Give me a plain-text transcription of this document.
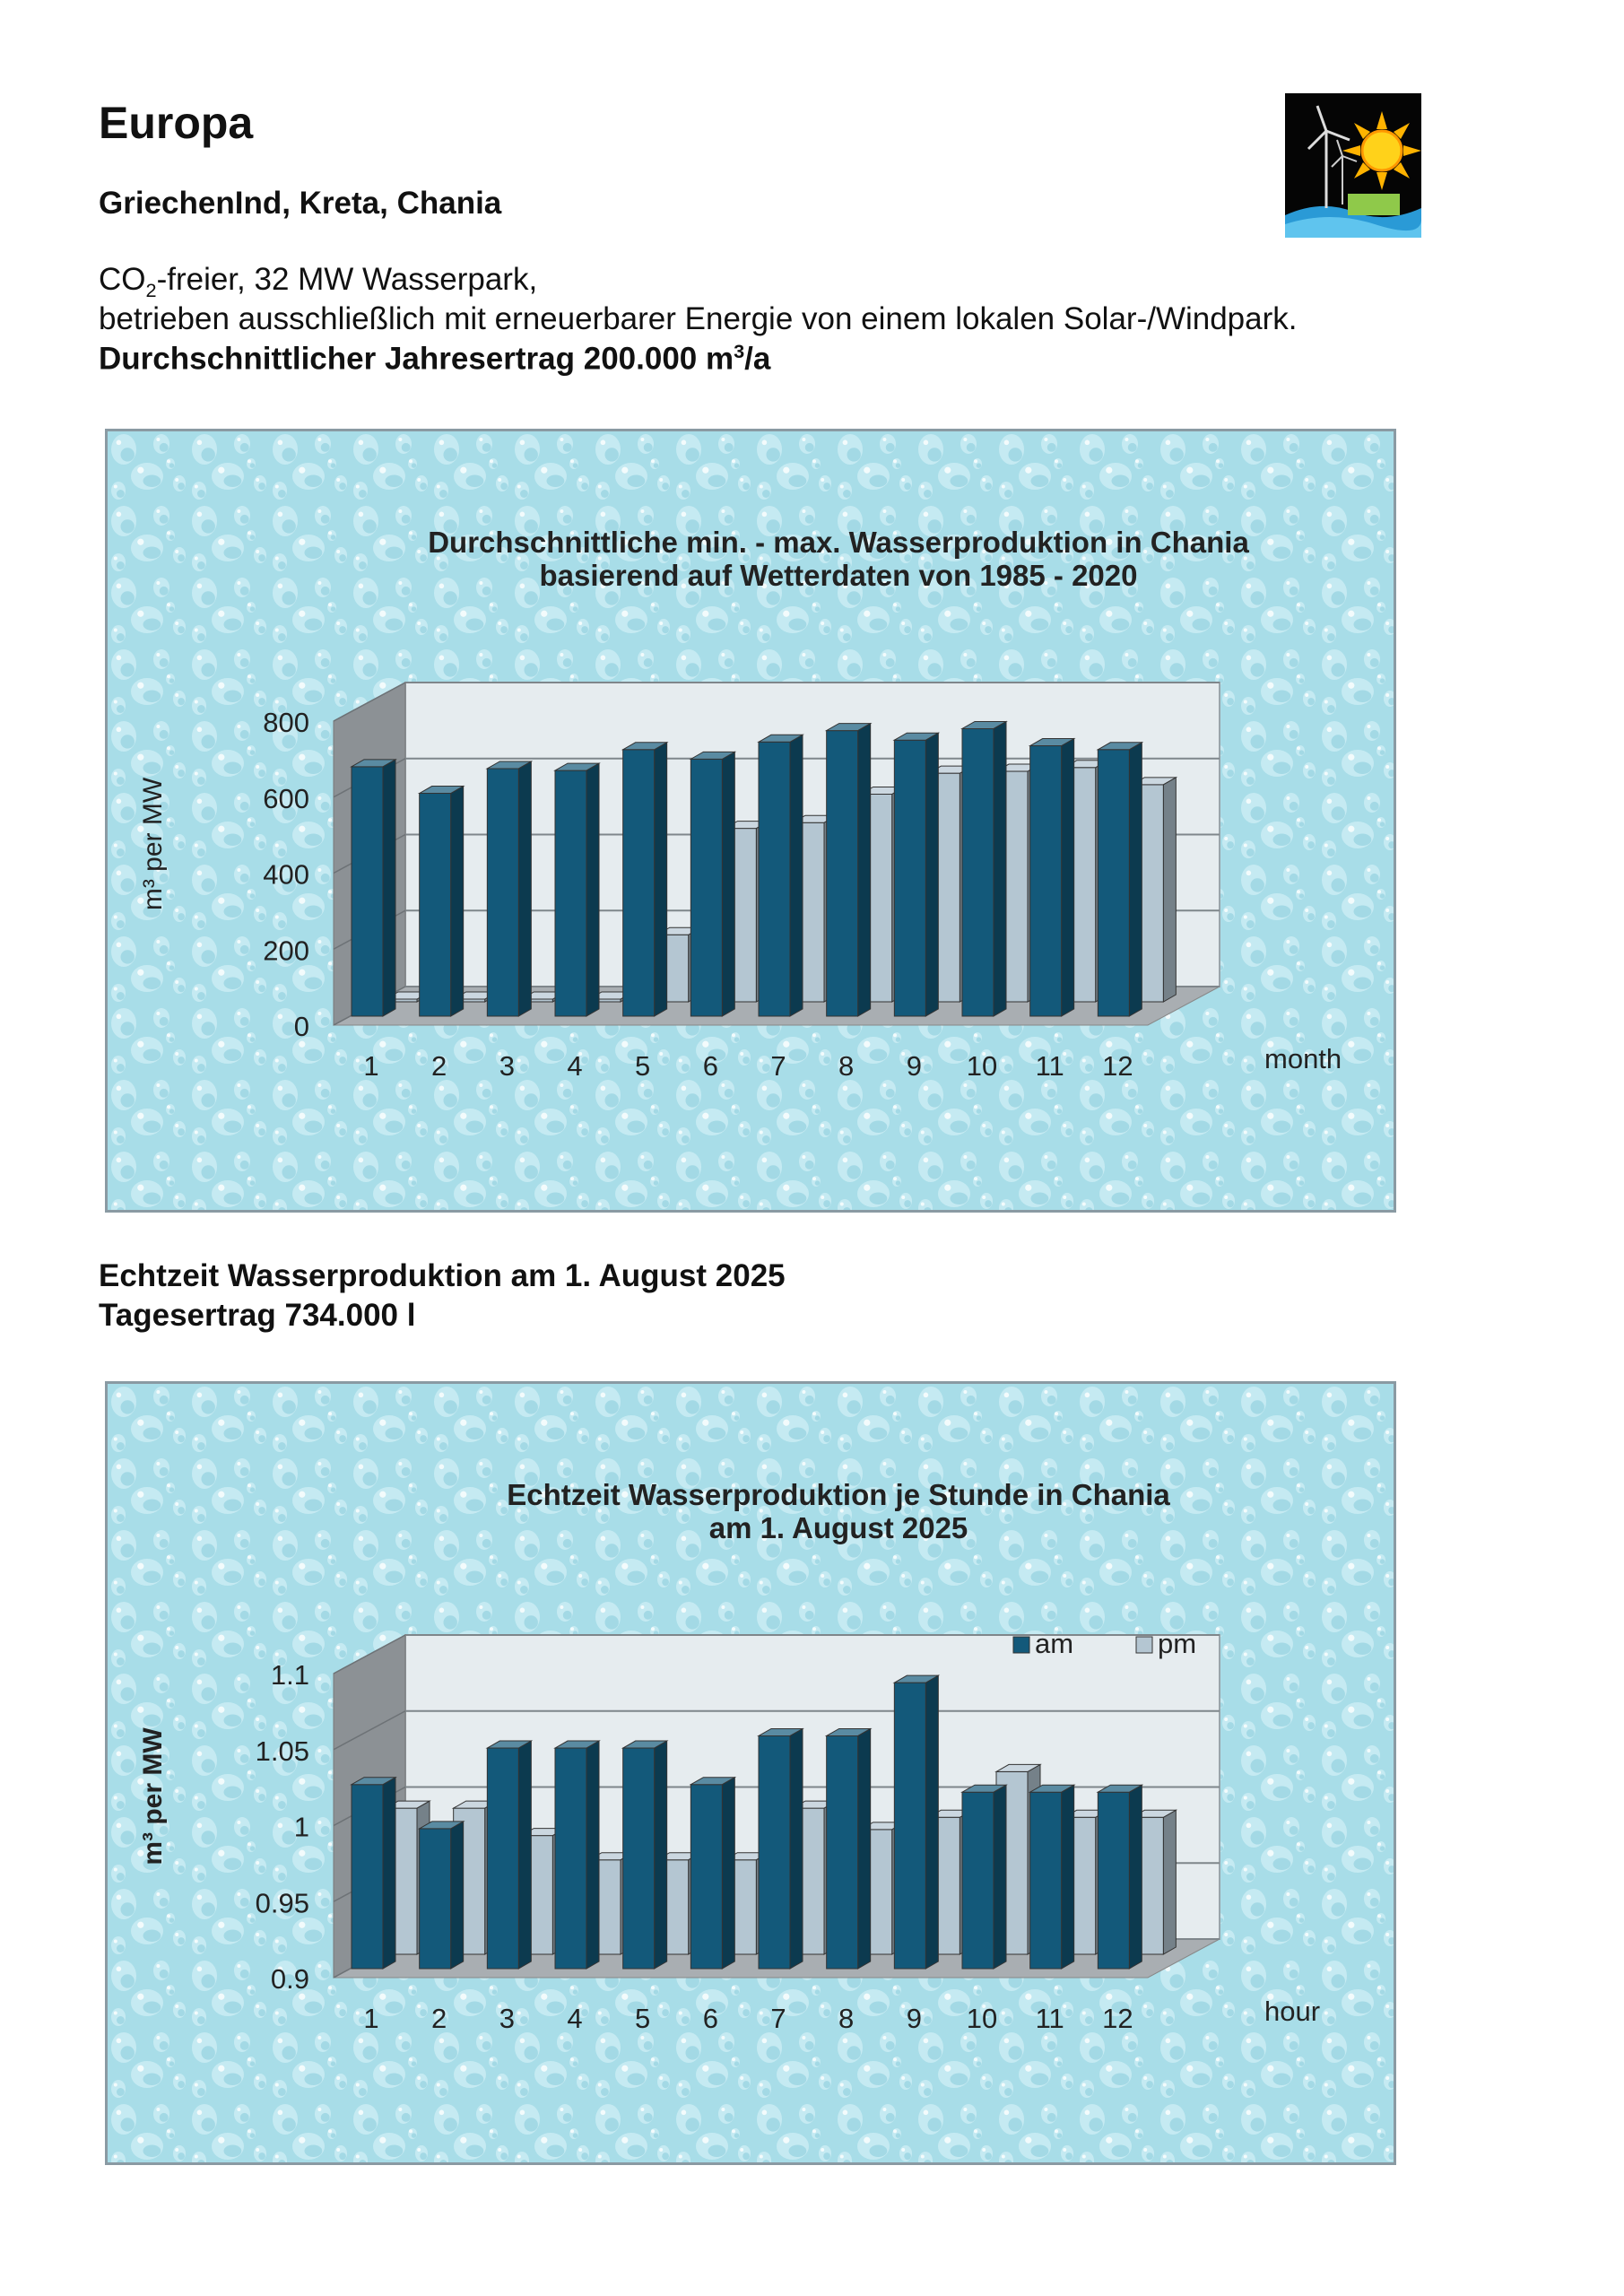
Europa
GriechenInd, Kreta, Chania
$CO_2$-freier, 32 MW Wasserpark,
betrieben ausschließlich mit erneuerbarer Energie von einem lokalen Solar-/Windpark.
Durchschnittlicher Jahresertrag 200.000 $m^3/a$
Durchschnittliche min. - max. Wasserproduktion in Chania
basierend auf Wetterdaten von 1985 - 2020
0
200
400
600
800
m³ per MW
1 2 3 4 5 6 7 8 9 10 11 12	month
Echtzeit Wasserproduktion am 1. August 2025
Tagesertrag 734.000 l
Echtzeit Wasserproduktion je Stunde in Chania
am 1. August 2025
0.9
0.95
1
1.05
1.1
m³ per MW
1 2 3 4 5 6 7 8 9 10 11 12	hour
am	pm
